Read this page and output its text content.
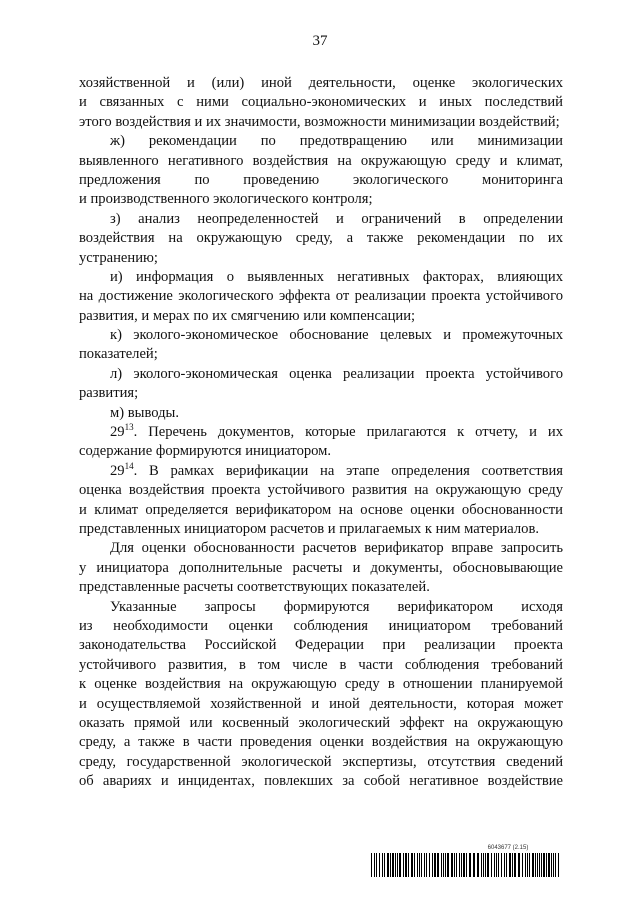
37
хозяйственной и (или) иной деятельности, оценке экологических
и связанных с ними социально-экономических и иных последствий
этого воздействия и их значимости, возможности минимизации воздействий;
ж) рекомендации по предотвращению или минимизации
выявленного негативного воздействия на окружающую среду и климат,
предложения по проведению экологического мониторинга
и производственного экологического контроля;
з) анализ неопределенностей и ограничений в определении
воздействия на окружающую среду, а также рекомендации по их
устранению;
и) информация о выявленных негативных факторах, влияющих
на достижение экологического эффекта от реализации проекта устойчивого
развития, и мерах по их смягчению или компенсации;
к) эколого-экономическое обоснование целевых и промежуточных
показателей;
л) эколого-экономическая оценка реализации проекта устойчивого
развития;
м) выводы.
$29^{13}$. Перечень документов, которые прилагаются к отчету, и их
содержание формируются инициатором.
$29^{14}$. В рамках верификации на этапе определения соответствия
оценка воздействия проекта устойчивого развития на окружающую среду
и климат определяется верификатором на основе оценки обоснованности
представленных инициатором расчетов и прилагаемых к ним материалов.
Для оценки обоснованности расчетов верификатор вправе запросить
у инициатора дополнительные расчеты и документы, обосновывающие
представленные расчеты соответствующих показателей.
Указанные запросы формируются верификатором исходя
из необходимости оценки соблюдения инициатором требований
законодательства Российской Федерации при реализации проекта
устойчивого развития, в том числе в части соблюдения требований
к оценке воздействия на окружающую среду в отношении планируемой
и осуществляемой хозяйственной и иной деятельности, которая может
оказать прямой или косвенный экологический эффект на окружающую
среду, а также в части проведения оценки воздействия на окружающую
среду, государственной экологической экспертизы, отсутствия сведений
об авариях и инцидентах, повлекших за собой негативное воздействие
6043677 (2.15)
